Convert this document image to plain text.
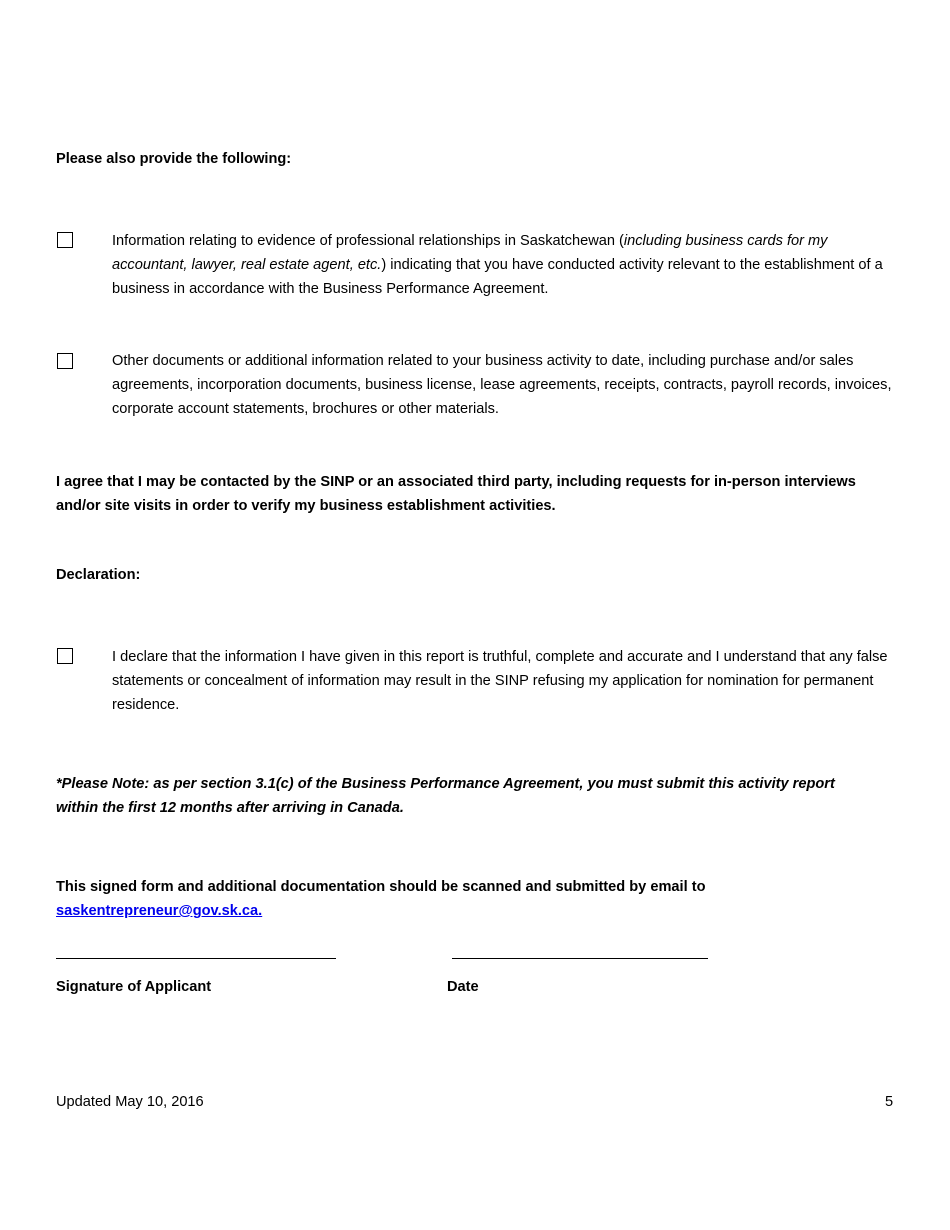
Please also provide the following:
Information relating to evidence of professional relationships in Saskatchewan (including business cards for my accountant, lawyer, real estate agent, etc.) indicating that you have conducted activity relevant to the establishment of a business in accordance with the Business Performance Agreement.
Other documents or additional information related to your business activity to date, including purchase and/or sales agreements, incorporation documents, business license, lease agreements, receipts, contracts, payroll records, invoices, corporate account statements, brochures or other materials.
I agree that I may be contacted by the SINP or an associated third party, including requests for in-person interviews and/or site visits in order to verify my business establishment activities.
Declaration:
I declare that the information I have given in this report is truthful, complete and accurate and I understand that any false statements or concealment of information may result in the SINP refusing my application for nomination for permanent residence.
*Please Note: as per section 3.1(c) of the Business Performance Agreement, you must submit this activity report within the first 12 months after arriving in Canada.
This signed form and additional documentation should be scanned and submitted by email to
saskentrepreneur@gov.sk.ca.
Signature of Applicant	Date
Updated May 10, 2016	5
